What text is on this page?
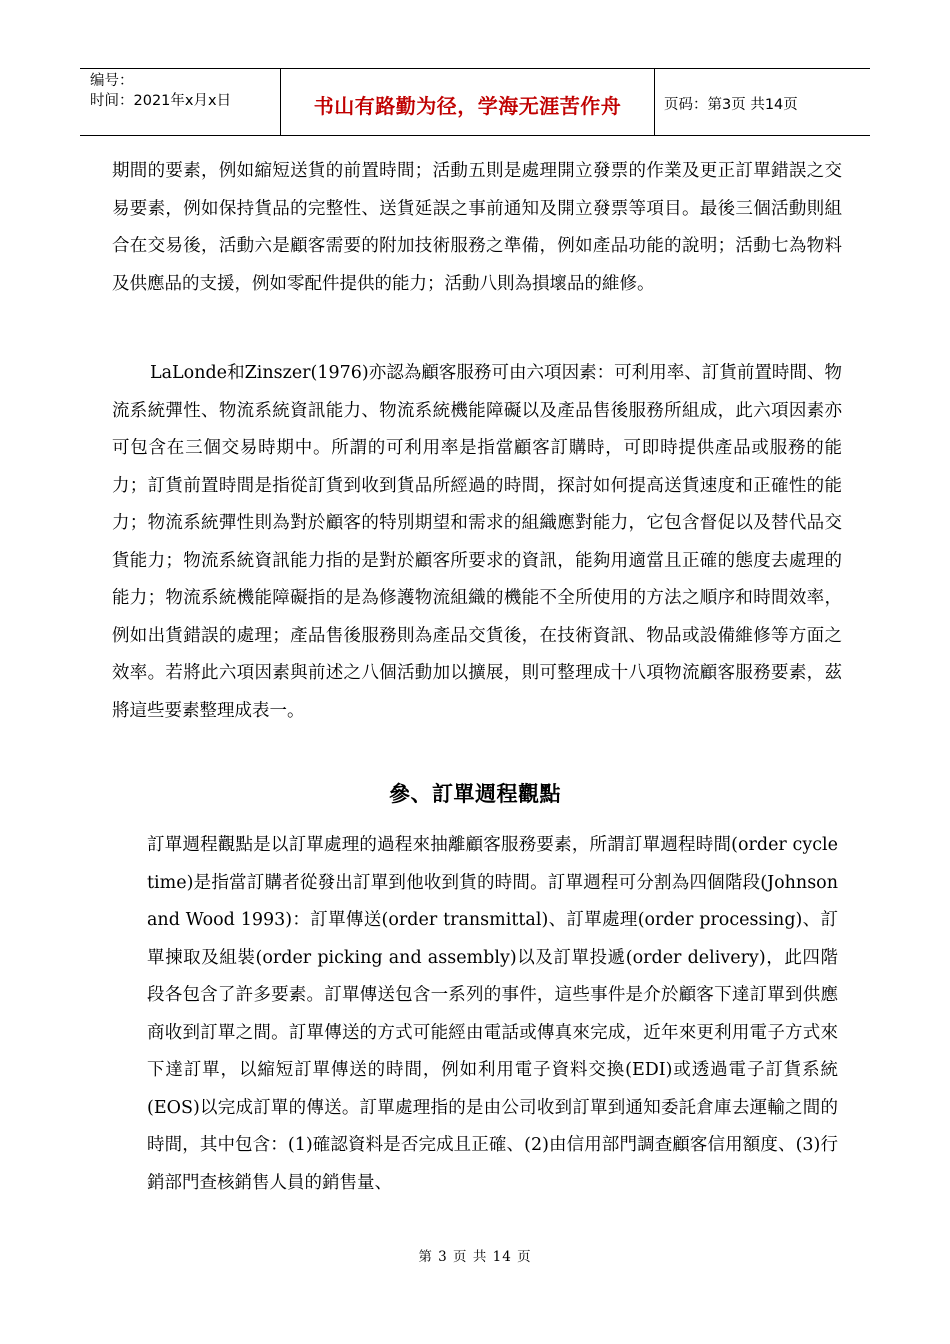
编号：
时间：2021年x月x日	书山有路勤为径，学海无涯苦作舟	页码：第3页 共14页

期間的要素，例如縮短送貨的前置時間；活動五則是處理開立發票的作業及更正訂單錯誤之交易要素，例如保持貨品的完整性、送貨延誤之事前通知及開立發票等項目。最後三個活動則組合在交易後，活動六是顧客需要的附加技術服務之準備，例如產品功能的說明；活動七為物料及供應品的支援，例如零配件提供的能力；活動八則為損壞品的維修。

LaLonde和Zinszer(1976)亦認為顧客服務可由六項因素：可利用率、訂貨前置時間、物流系統彈性、物流系統資訊能力、物流系統機能障礙以及產品售後服務所組成，此六項因素亦可包含在三個交易時期中。所謂的可利用率是指當顧客訂購時，可即時提供產品或服務的能力；訂貨前置時間是指從訂貨到收到貨品所經過的時間，探討如何提高送貨速度和正確性的能力；物流系統彈性則為對於顧客的特別期望和需求的組織應對能力，它包含督促以及替代品交貨能力；物流系統資訊能力指的是對於顧客所要求的資訊，能夠用適當且正確的態度去處理的能力；物流系統機能障礙指的是為修護物流組織的機能不全所使用的方法之順序和時間效率，例如出貨錯誤的處理；產品售後服務則為產品交貨後，在技術資訊、物品或設備維修等方面之效率。若將此六項因素與前述之八個活動加以擴展，則可整理成十八項物流顧客服務要素，茲將這些要素整理成表一。

參、訂單週程觀點

訂單週程觀點是以訂單處理的過程來抽離顧客服務要素，所謂訂單週程時間(order cycle time)是指當訂購者從發出訂單到他收到貨的時間。訂單週程可分割為四個階段(Johnson and Wood 1993)：訂單傳送(order transmittal)、訂單處理(order processing)、訂單揀取及組裝(order picking and assembly)以及訂單投遞(order delivery)，此四階段各包含了許多要素。訂單傳送包含一系列的事件，這些事件是介於顧客下達訂單到供應商收到訂單之間。訂單傳送的方式可能經由電話或傳真來完成，近年來更利用電子方式來下達訂單，以縮短訂單傳送的時間，例如利用電子資料交換(EDI)或透過電子訂貨系統(EOS)以完成訂單的傳送。訂單處理指的是由公司收到訂單到通知委託倉庫去運輸之間的時間，其中包含：(1)確認資料是否完成且正確、(2)由信用部門調查顧客信用額度、(3)行銷部門查核銷售人員的銷售量、

第 3 页 共 14 页
